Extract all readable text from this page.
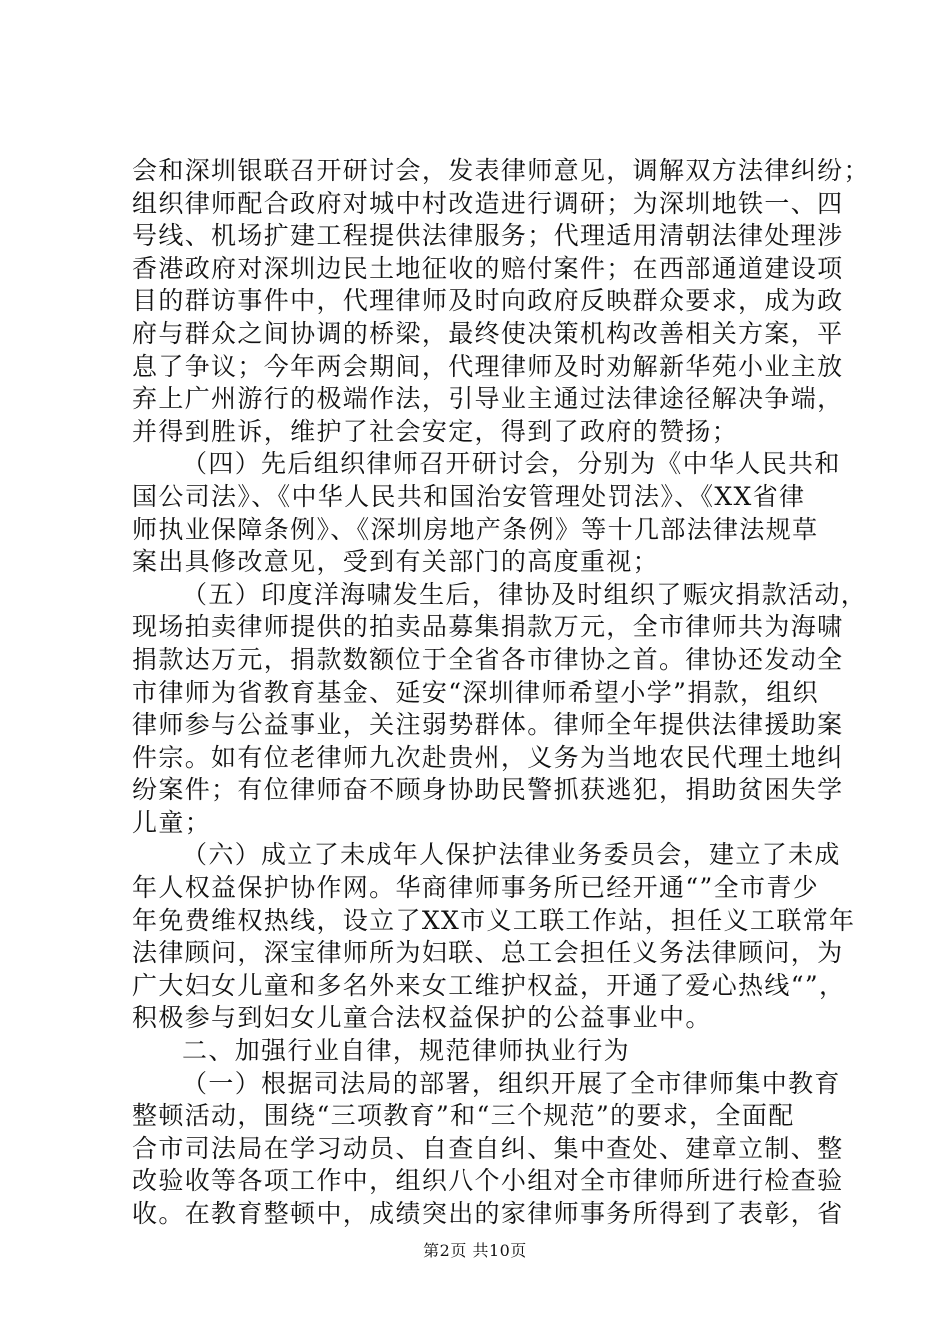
会和深圳银联召开研讨会，发表律师意见，调解双方法律纠纷；
组织律师配合政府对城中村改造进行调研；为深圳地铁一、四
号线、机场扩建工程提供法律服务；代理适用清朝法律处理涉
香港政府对深圳边民土地征收的赔付案件；在西部通道建设项
目的群访事件中，代理律师及时向政府反映群众要求，成为政
府与群众之间协调的桥梁，最终使决策机构改善相关方案，平
息了争议；今年两会期间，代理律师及时劝解新华苑小业主放
弃上广州游行的极端作法，引导业主通过法律途径解决争端，
并得到胜诉，维护了社会安定，得到了政府的赞扬；
（四）先后组织律师召开研讨会，分别为《中华人民共和
国公司法》、《中华人民共和国治安管理处罚法》、《XX省律
师执业保障条例》、《深圳房地产条例》等十几部法律法规草
案出具修改意见，受到有关部门的高度重视；
（五）印度洋海啸发生后，律协及时组织了赈灾捐款活动，
现场拍卖律师提供的拍卖品募集捐款万元，全市律师共为海啸
捐款达万元，捐款数额位于全省各市律协之首。律协还发动全
市律师为省教育基金、延安“深圳律师希望小学”捐款，组织
律师参与公益事业，关注弱势群体。律师全年提供法律援助案
件宗。如有位老律师九次赴贵州，义务为当地农民代理土地纠
纷案件；有位律师奋不顾身协助民警抓获逃犯，捐助贫困失学
儿童；
（六）成立了未成年人保护法律业务委员会，建立了未成
年人权益保护协作网。华商律师事务所已经开通“”全市青少
年免费维权热线，设立了XX市义工联工作站，担任义工联常年
法律顾问，深宝律师所为妇联、总工会担任义务法律顾问，为
广大妇女儿童和多名外来女工维护权益，开通了爱心热线“”，
积极参与到妇女儿童合法权益保护的公益事业中。
二、加强行业自律，规范律师执业行为
（一）根据司法局的部署，组织开展了全市律师集中教育
整顿活动，围绕“三项教育”和“三个规范”的要求，全面配
合市司法局在学习动员、自查自纠、集中查处、建章立制、整
改验收等各项工作中，组织八个小组对全市律师所进行检查验
收。在教育整顿中，成绩突出的家律师事务所得到了表彰，省
第2页 共10页
